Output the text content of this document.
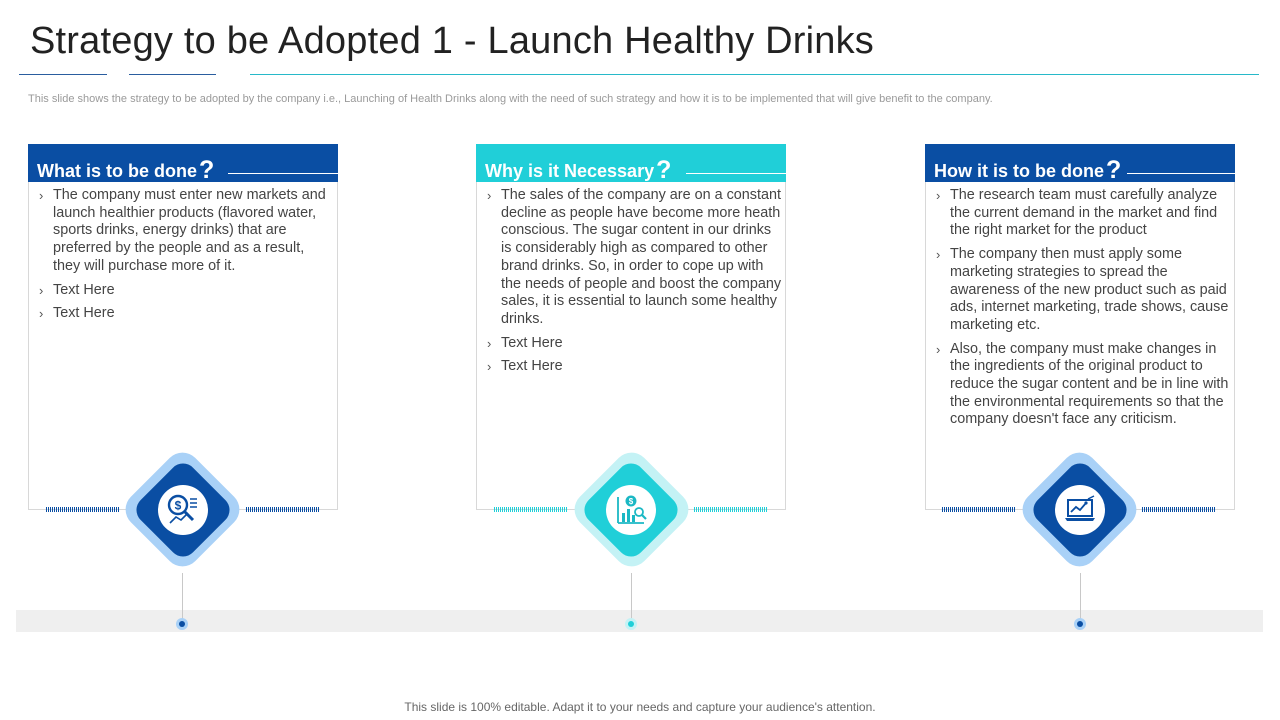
Strategy to be Adopted 1 - Launch Healthy Drinks
This slide shows the strategy to be adopted by the company i.e., Launching of Health Drinks along with the need of such strategy and how it is to be implemented that will give benefit to the company.
What is to be done?
› The company must enter new markets and launch healthier products (flavored water, sports drinks, energy drinks) that are preferred by the people and as a result, they will purchase more of it.
› Text Here
› Text Here
Why is it Necessary?
› The sales of the company are on a constant decline as people have become more heath conscious. The sugar content in our drinks is considerably high as compared to other brand drinks. So, in order to cope up with the needs of people and boost the company sales, it is essential to launch some healthy drinks.
› Text Here
› Text Here
How it is to be done?
› The research team must carefully analyze the current demand in the market and find the right market for the product
› The company then must apply some marketing strategies to spread the awareness of the new product such as paid ads, internet marketing, trade shows, cause marketing etc.
› Also, the company must make changes in the ingredients of the original product to reduce the sugar content and be in line with the environmental requirements so that the company doesn't face any criticism.
$	$
This slide is 100% editable. Adapt it to your needs and capture your audience's attention.
